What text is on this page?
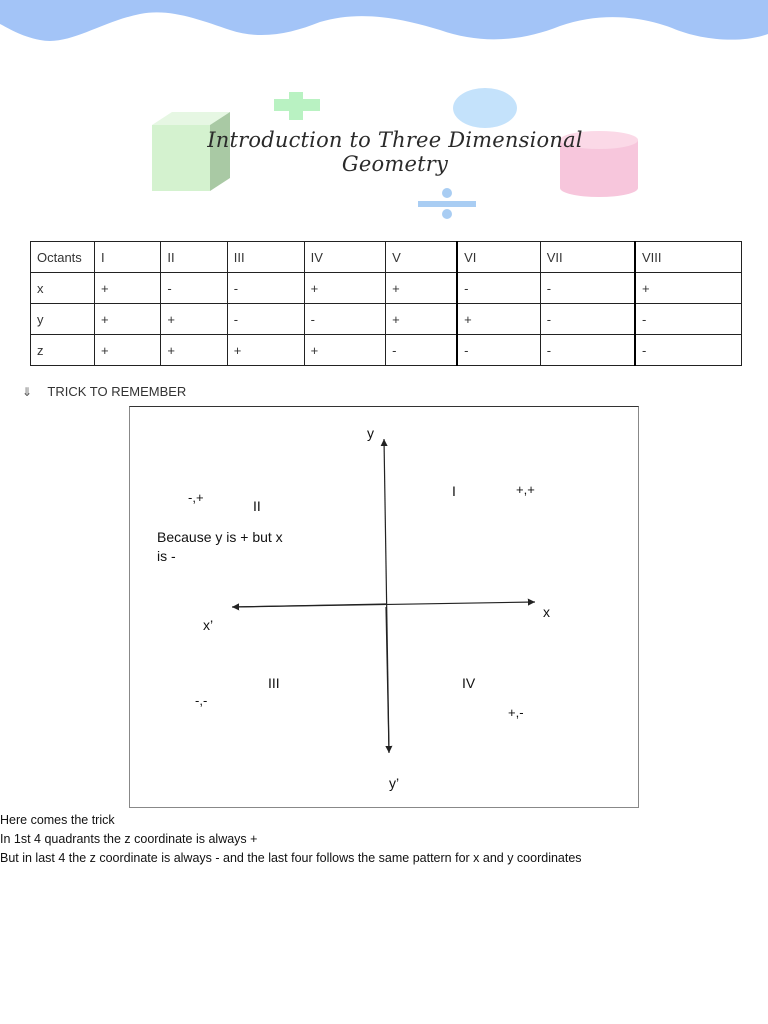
Introduction to Three Dimensional Geometry
Octants	I	II	III	IV	V	VI	VII	VIII
x	+	-	-	+	+	-	-	+
y	+	+	-	-	+	+	-	-
z	+	+	+	+	-	-	-	-
⇓ TRICK TO REMEMBER
y
y’
x
x’
I	+,+
II
-,+
Because y is + but x
is -
III
-,-
IV
+,-
Here comes the trick
In 1st 4 quadrants the z coordinate is always +
But in last 4 the z coordinate is always - and the last four follows the same pattern for x and y coordinates
